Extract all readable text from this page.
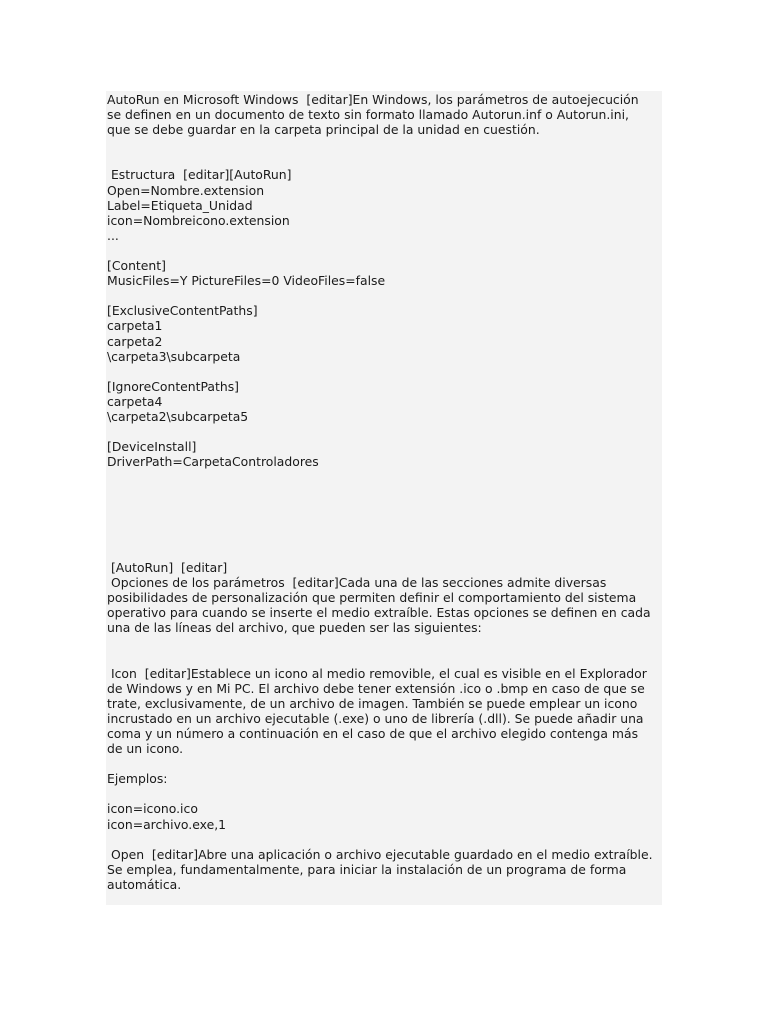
AutoRun en Microsoft Windows  [editar]En Windows, los parámetros de autoejecución
se definen en un documento de texto sin formato llamado Autorun.inf o Autorun.ini,
que se debe guardar en la carpeta principal de la unidad en cuestión.
Estructura  [editar][AutoRun]
Open=Nombre.extension
Label=Etiqueta_Unidad
icon=Nombreicono.extension
...
[Content]
MusicFiles=Y PictureFiles=0 VideoFiles=false
[ExclusiveContentPaths]
carpeta1
carpeta2
\carpeta3\subcarpeta
[IgnoreContentPaths]
carpeta4
\carpeta2\subcarpeta5
[DeviceInstall]
DriverPath=CarpetaControladores
[AutoRun]  [editar]
Opciones de los parámetros  [editar]Cada una de las secciones admite diversas
posibilidades de personalización que permiten definir el comportamiento del sistema
operativo para cuando se inserte el medio extraíble. Estas opciones se definen en cada
una de las líneas del archivo, que pueden ser las siguientes:
Icon  [editar]Establece un icono al medio removible, el cual es visible en el Explorador
de Windows y en Mi PC. El archivo debe tener extensión .ico o .bmp en caso de que se
trate, exclusivamente, de un archivo de imagen. También se puede emplear un icono
incrustado en un archivo ejecutable (.exe) o uno de librería (.dll). Se puede añadir una
coma y un número a continuación en el caso de que el archivo elegido contenga más
de un icono.
Ejemplos:
icon=icono.ico
icon=archivo.exe,1
Open  [editar]Abre una aplicación o archivo ejecutable guardado en el medio extraíble.
Se emplea, fundamentalmente, para iniciar la instalación de un programa de forma
automática.
